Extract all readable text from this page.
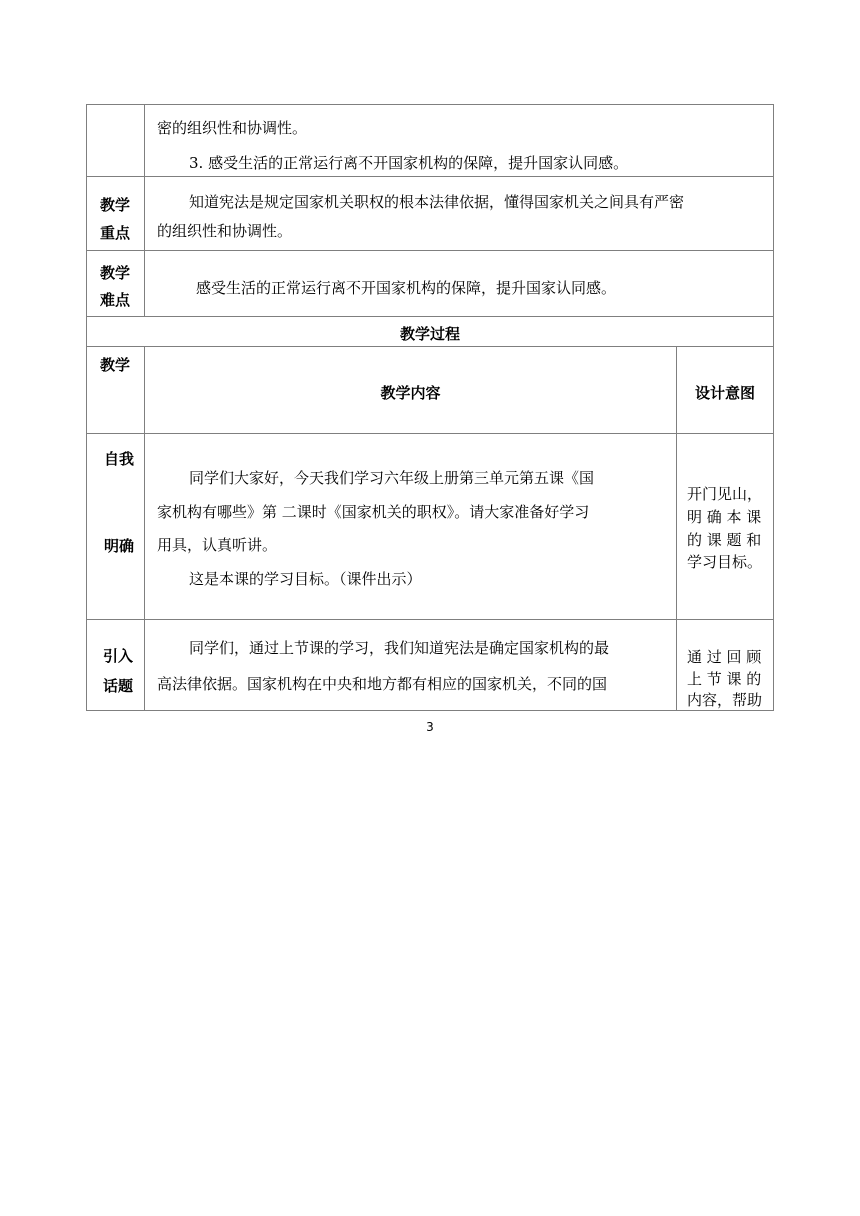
密的组织性和协调性。
3. 感受生活的正常运行离不开国家机构的保障，提升国家认同感。
教学
重点
知道宪法是规定国家机关职权的根本法律依据，懂得国家机关之间具有严密
的组织性和协调性。
教学
难点
感受生活的正常运行离不开国家机构的保障，提升国家认同感。
教学过程
教学
教学内容	设计意图
自我
明确
同学们大家好，今天我们学习六年级上册第三单元第五课《国
家机构有哪些》第 二课时《国家机关的职权》。请大家准备好学习
用具，认真听讲。
这是本课的学习目标。（课件出示）
开门见山，
明 确 本 课
的 课 题 和
学习目标。
引入
话题
同学们，通过上节课的学习，我们知道宪法是确定国家机构的最
高法律依据。国家机构在中央和地方都有相应的国家机关，不同的国
通 过 回 顾
上 节 课 的
内容，帮助
3
